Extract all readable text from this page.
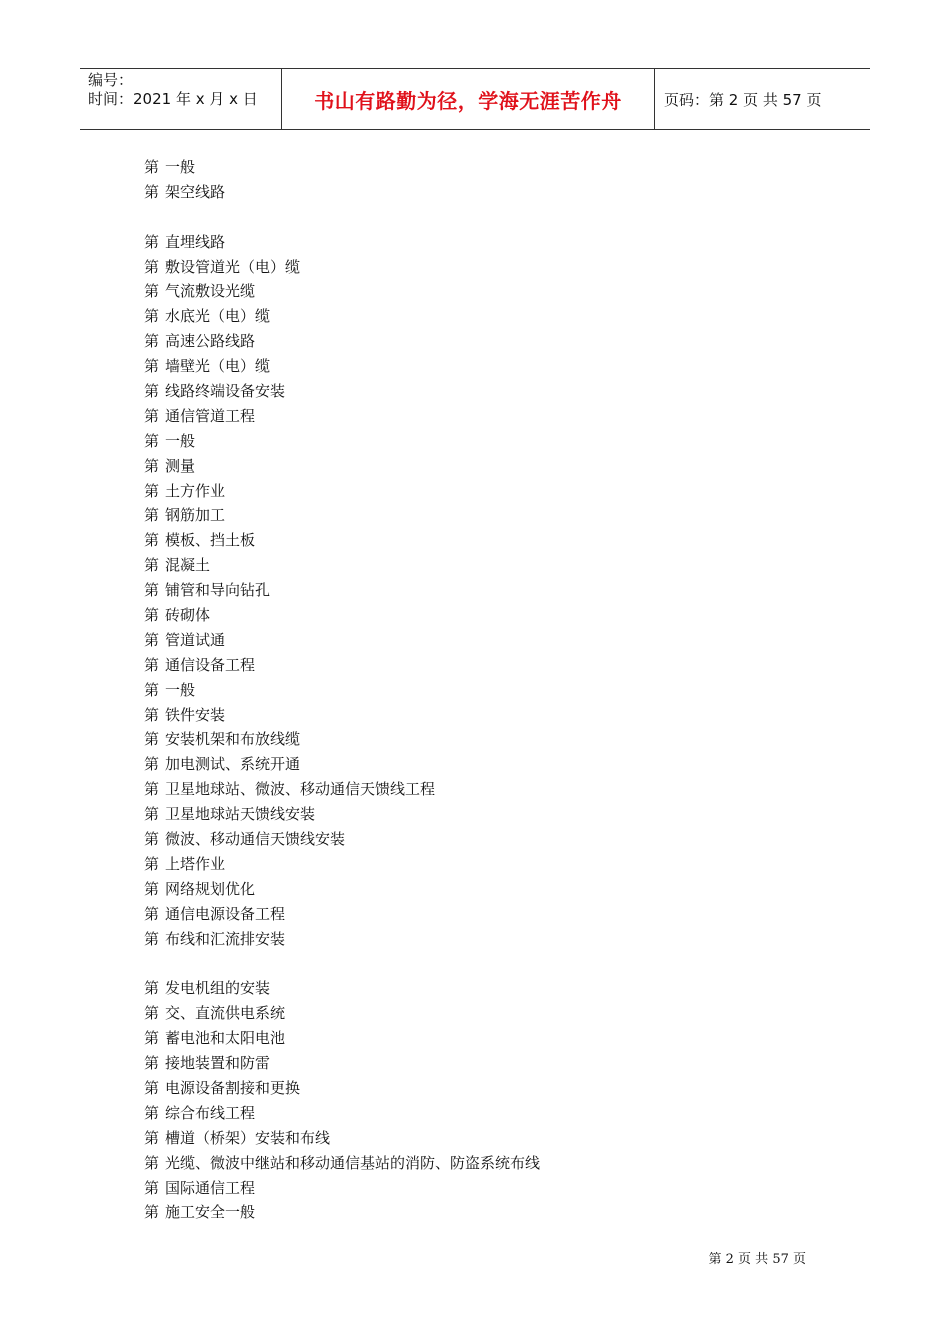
编号：
时间：2021 年 x 月 x 日	书山有路勤为径，学海无涯苦作舟	页码：第 2 页 共 57 页
第 一般
第 架空线路
第 直埋线路
第 敷设管道光（电）缆
第 气流敷设光缆
第 水底光（电）缆
第 高速公路线路
第 墙壁光（电）缆
第 线路终端设备安装
第 通信管道工程
第 一般
第 测量
第 土方作业
第 钢筋加工
第 模板、挡土板
第 混凝土
第 铺管和导向钻孔
第 砖砌体
第 管道试通
第 通信设备工程
第 一般
第 铁件安装
第 安装机架和布放线缆
第 加电测试、系统开通
第 卫星地球站、微波、移动通信天馈线工程
第 卫星地球站天馈线安装
第 微波、移动通信天馈线安装
第 上塔作业
第 网络规划优化
第 通信电源设备工程
第 布线和汇流排安装
第 发电机组的安装
第 交、直流供电系统
第 蓄电池和太阳电池
第 接地装置和防雷
第 电源设备割接和更换
第 综合布线工程
第 槽道（桥架）安装和布线
第 光缆、微波中继站和移动通信基站的消防、防盗系统布线
第 国际通信工程
第 施工安全一般
第 2 页 共 57 页
